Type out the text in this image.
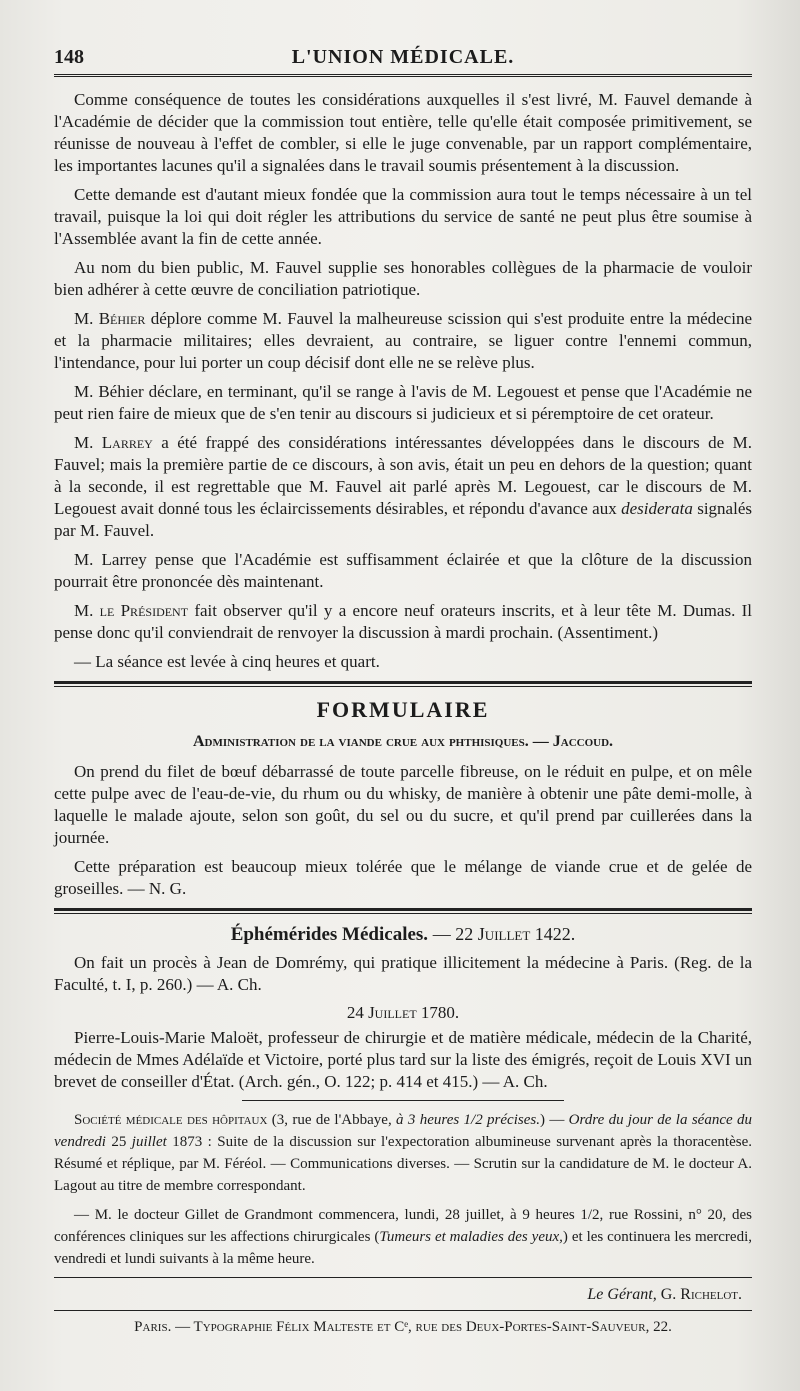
148	L'UNION MÉDICALE.

Comme conséquence de toutes les considérations auxquelles il s'est livré, M. Fauvel demande à l'Académie de décider que la commission tout entière, telle qu'elle était composée primitivement, se réunisse de nouveau à l'effet de combler, si elle le juge convenable, par un rapport complémentaire, les importantes lacunes qu'il a signalées dans le travail soumis présentement à la discussion.

Cette demande est d'autant mieux fondée que la commission aura tout le temps nécessaire à un tel travail, puisque la loi qui doit régler les attributions du service de santé ne peut plus être soumise à l'Assemblée avant la fin de cette année.

Au nom du bien public, M. Fauvel supplie ses honorables collègues de la pharmacie de vouloir bien adhérer à cette œuvre de conciliation patriotique.

M. Béhier déplore comme M. Fauvel la malheureuse scission qui s'est produite entre la médecine et la pharmacie militaires; elles devraient, au contraire, se liguer contre l'ennemi commun, l'intendance, pour lui porter un coup décisif dont elle ne se relève plus.

M. Béhier déclare, en terminant, qu'il se range à l'avis de M. Legouest et pense que l'Académie ne peut rien faire de mieux que de s'en tenir au discours si judicieux et si péremptoire de cet orateur.

M. Larrey a été frappé des considérations intéressantes développées dans le discours de M. Fauvel; mais la première partie de ce discours, à son avis, était un peu en dehors de la question; quant à la seconde, il est regrettable que M. Fauvel ait parlé après M. Legouest, car le discours de M. Legouest avait donné tous les éclaircissements désirables, et répondu d'avance aux desiderata signalés par M. Fauvel.

M. Larrey pense que l'Académie est suffisamment éclairée et que la clôture de la discussion pourrait être prononcée dès maintenant.

M. le Président fait observer qu'il y a encore neuf orateurs inscrits, et à leur tête M. Dumas. Il pense donc qu'il conviendrait de renvoyer la discussion à mardi prochain. (Assentiment.)

— La séance est levée à cinq heures et quart.

FORMULAIRE
Administration de la viande crue aux phthisiques. — Jaccoud.

On prend du filet de bœuf débarrassé de toute parcelle fibreuse, on le réduit en pulpe, et on mêle cette pulpe avec de l'eau-de-vie, du rhum ou du whisky, de manière à obtenir une pâte demi-molle, à laquelle le malade ajoute, selon son goût, du sel ou du sucre, et qu'il prend par cuillerées dans la journée.

Cette préparation est beaucoup mieux tolérée que le mélange de viande crue et de gelée de groseilles. — N. G.

Éphémérides Médicales. — 22 Juillet 1422.

On fait un procès à Jean de Domrémy, qui pratique illicitement la médecine à Paris. (Reg. de la Faculté, t. I, p. 260.) — A. Ch.

24 Juillet 1780.

Pierre-Louis-Marie Maloët, professeur de chirurgie et de matière médicale, médecin de la Charité, médecin de Mmes Adélaïde et Victoire, porté plus tard sur la liste des émigrés, reçoit de Louis XVI un brevet de conseiller d'État. (Arch. gén., O. 122; p. 414 et 415.) — A. Ch.

Société médicale des hôpitaux (3, rue de l'Abbaye, à 3 heures 1/2 précises.) — Ordre du jour de la séance du vendredi 25 juillet 1873 : Suite de la discussion sur l'expectoration albumineuse survenant après la thoracentèse. Résumé et réplique, par M. Féréol. — Communications diverses. — Scrutin sur la candidature de M. le docteur A. Lagout au titre de membre correspondant.

— M. le docteur Gillet de Grandmont commencera, lundi, 28 juillet, à 9 heures 1/2, rue Rossini, n° 20, des conférences cliniques sur les affections chirurgicales (Tumeurs et maladies des yeux,) et les continuera les mercredi, vendredi et lundi suivants à la même heure.

Le Gérant, G. Richelot.
Paris. — Typographie Félix Malteste et Cᵉ, rue des Deux-Portes-Saint-Sauveur, 22.
